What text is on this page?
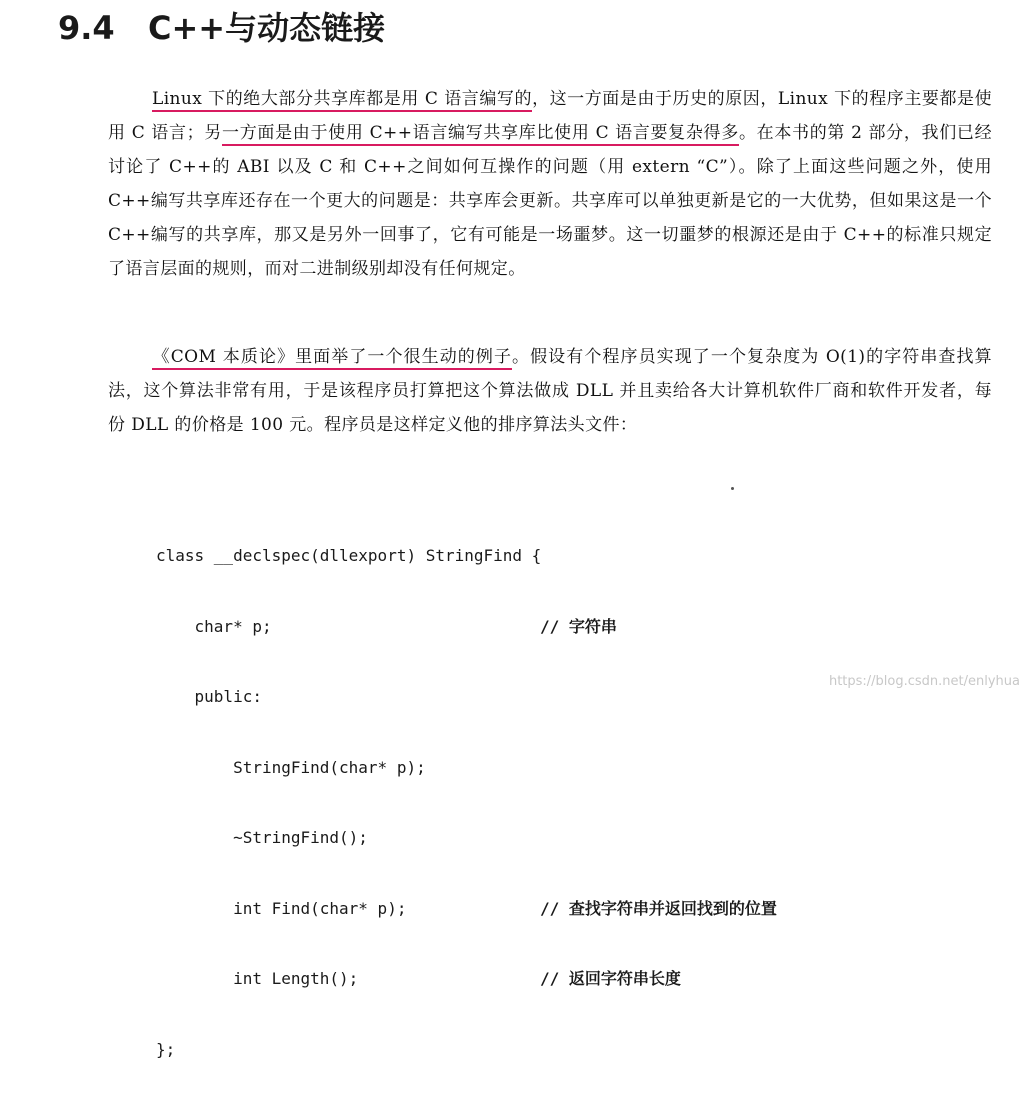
9.4 C++与动态链接
Linux 下的绝大部分共享库都是用 C 语言编写的，这一方面是由于历史的原因，Linux 下的程序主要都是使用 C 语言；另一方面是由于使用 C++语言编写共享库比使用 C 语言要复杂得多。在本书的第 2 部分，我们已经讨论了 C++的 ABI 以及 C 和 C++之间如何互操作的问题（用 extern “C”）。除了上面这些问题之外，使用 C++编写共享库还存在一个更大的问题是：共享库会更新。共享库可以单独更新是它的一大优势，但如果这是一个 C++编写的共享库，那又是另外一回事了，它有可能是一场噩梦。这一切噩梦的根源还是由于 C++的标准只规定了语言层面的规则，而对二进制级别却没有任何规定。
《COM 本质论》里面举了一个很生动的例子。假设有个程序员实现了一个复杂度为 O(1)的字符串查找算法，这个算法非常有用，于是该程序员打算把这个算法做成 DLL 并且卖给各大计算机软件厂商和软件开发者，每份 DLL 的价格是 100 元。程序员是这样定义他的排序算法头文件：

class __declspec(dllexport) StringFind {

char* p;	// 字符串

public:

StringFind(char* p);

~StringFind();

int Find(char* p);	// 查找字符串并返回找到的位置

int Length();	// 返回字符串长度

};

https://blog.csdn.net/enlyhua
